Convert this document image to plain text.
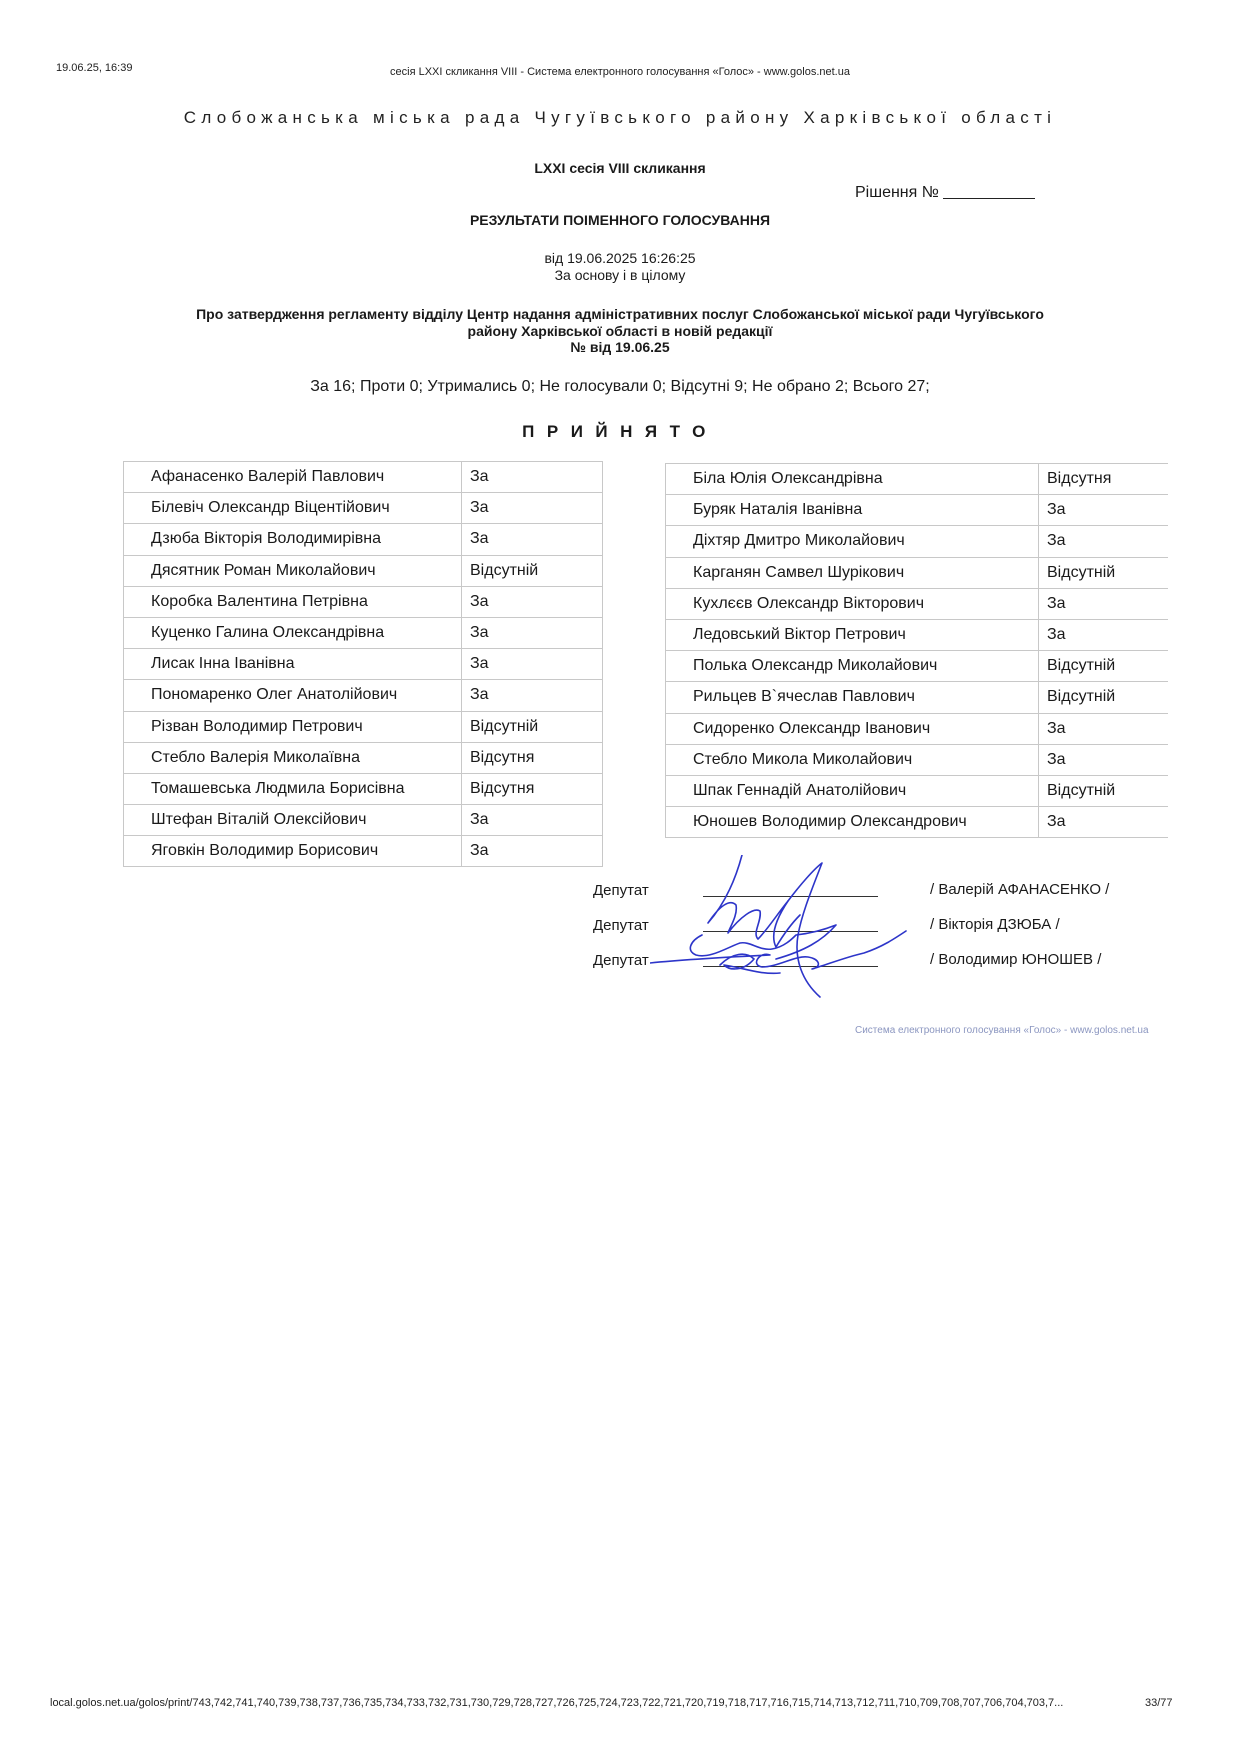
19.06.25, 16:39	сесія LXXI скликання VIII - Система електронного голосування «Голос» - www.golos.net.ua
Слобожанська міська рада Чугуївського району Харківської області
LXXI сесія VIII скликання
Рішення №
РЕЗУЛЬТАТИ ПОІМЕННОГО ГОЛОСУВАННЯ
від 19.06.2025 16:26:25
За основу і в цілому
Про затвердження регламенту відділу Центр надання адміністративних послуг Слобожанської міської ради Чугуївського
району Харківської області в новій редакції
№ від 19.06.25
За 16; Проти 0; Утримались 0; Не голосували 0; Відсутні 9; Не обрано 2; Всього 27;
ПРИЙНЯТО
Афанасенко Валерій Павлович	За
Білевіч Олександр Віцентійович	За
Дзюба Вікторія Володимирівна	За
Дясятник Роман Миколайович	Відсутній
Коробка Валентина Петрівна	За
Куценко Галина Олександрівна	За
Лисак Інна Іванівна	За
Пономаренко Олег Анатолійович	За
Різван Володимир Петрович	Відсутній
Стебло Валерія Миколаївна	Відсутня
Томашевська Людмила Борисівна	Відсутня
Штефан Віталій Олексійович	За
Яговкін Володимир Борисович	За
Біла Юлія Олександрівна	Відсутня
Буряк Наталія Іванівна	За
Діхтяр Дмитро Миколайович	За
Карганян Самвел Шурікович	Відсутній
Кухлєєв Олександр Вікторович	За
Ледовський Віктор Петрович	За
Полька Олександр Миколайович	Відсутній
Рильцев В`ячеслав Павлович	Відсутній
Сидоренко Олександр Іванович	За
Стебло Микола Миколайович	За
Шпак Геннадій Анатолійович	Відсутній
Юношев Володимир Олександрович	За
Депутат
Депутат
Депутат
/ Валерій АФАНАСЕНКО /
/ Вікторія ДЗЮБА /
/ Володимир ЮНОШЕВ /
Система електронного голосування «Голос» - www.golos.net.ua
local.golos.net.ua/golos/print/743,742,741,740,739,738,737,736,735,734,733,732,731,730,729,728,727,726,725,724,723,722,721,720,719,718,717,716,715,714,713,712,711,710,709,708,707,706,704,703,7...	33/77
